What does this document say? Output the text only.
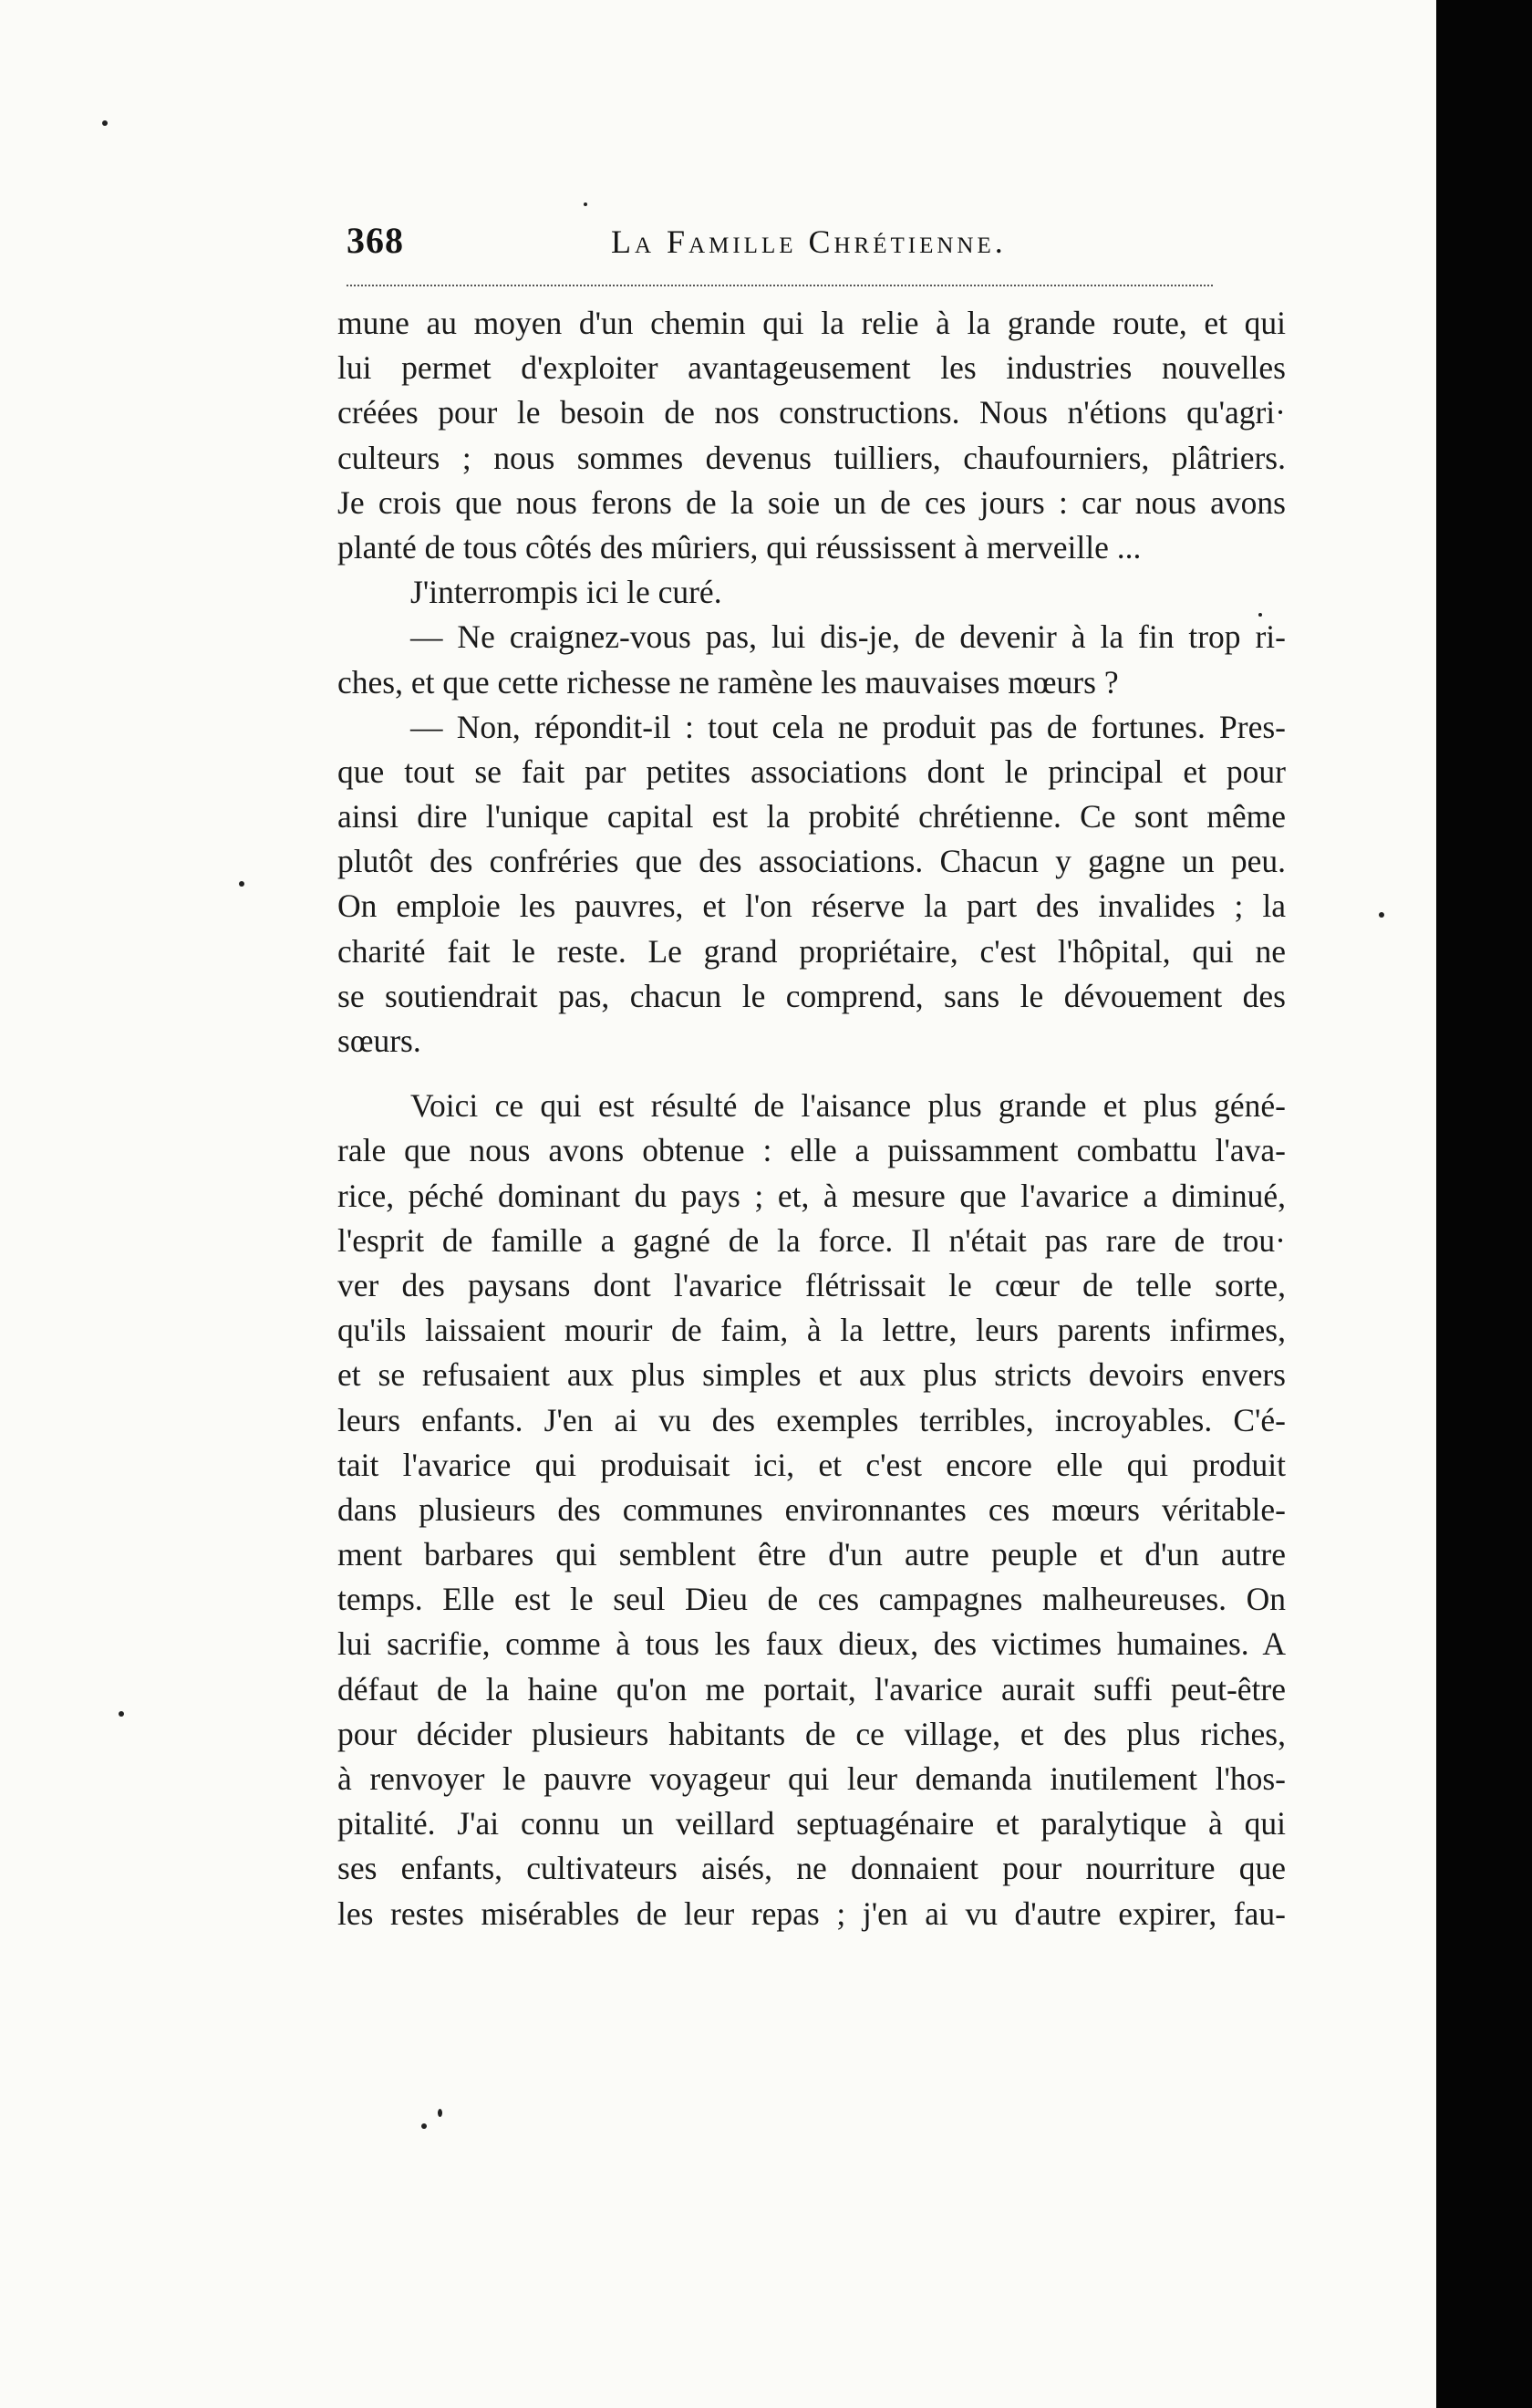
368	La Famille Chrétienne.

mune au moyen d'un chemin qui la relie à la grande route, et qui
lui permet d'exploiter avantageusement les industries nouvelles
créées pour le besoin de nos constructions. Nous n'étions qu'agri·
culteurs ; nous sommes devenus tuilliers, chaufourniers, plâtriers.
Je crois que nous ferons de la soie un de ces jours : car nous avons
planté de tous côtés des mûriers, qui réussissent à merveille ...

J'interrompis ici le curé.

— Ne craignez-vous pas, lui dis-je, de devenir à la fin trop ri-
ches, et que cette richesse ne ramène les mauvaises mœurs ?

— Non, répondit-il : tout cela ne produit pas de fortunes. Pres-
que tout se fait par petites associations dont le principal et pour
ainsi dire l'unique capital est la probité chrétienne. Ce sont même
plutôt des confréries que des associations. Chacun y gagne un peu.
On emploie les pauvres, et l'on réserve la part des invalides ; la
charité fait le reste. Le grand propriétaire, c'est l'hôpital, qui ne
se soutiendrait pas, chacun le comprend, sans le dévouement des
sœurs.

Voici ce qui est résulté de l'aisance plus grande et plus géné-
rale que nous avons obtenue : elle a puissamment combattu l'ava-
rice, péché dominant du pays ; et, à mesure que l'avarice a diminué,
l'esprit de famille a gagné de la force. Il n'était pas rare de trou·
ver des paysans dont l'avarice flétrissait le cœur de telle sorte,
qu'ils laissaient mourir de faim, à la lettre, leurs parents infirmes,
et se refusaient aux plus simples et aux plus stricts devoirs envers
leurs enfants. J'en ai vu des exemples terribles, incroyables. C'é-
tait l'avarice qui produisait ici, et c'est encore elle qui produit
dans plusieurs des communes environnantes ces mœurs véritable-
ment barbares qui semblent être d'un autre peuple et d'un autre
temps. Elle est le seul Dieu de ces campagnes malheureuses. On
lui sacrifie, comme à tous les faux dieux, des victimes humaines. A
défaut de la haine qu'on me portait, l'avarice aurait suffi peut-être
pour décider plusieurs habitants de ce village, et des plus riches,
à renvoyer le pauvre voyageur qui leur demanda inutilement l'hos-
pitalité. J'ai connu un veillard septuagénaire et paralytique à qui
ses enfants, cultivateurs aisés, ne donnaient pour nourriture que
les restes misérables de leur repas ; j'en ai vu d'autre expirer, fau-
